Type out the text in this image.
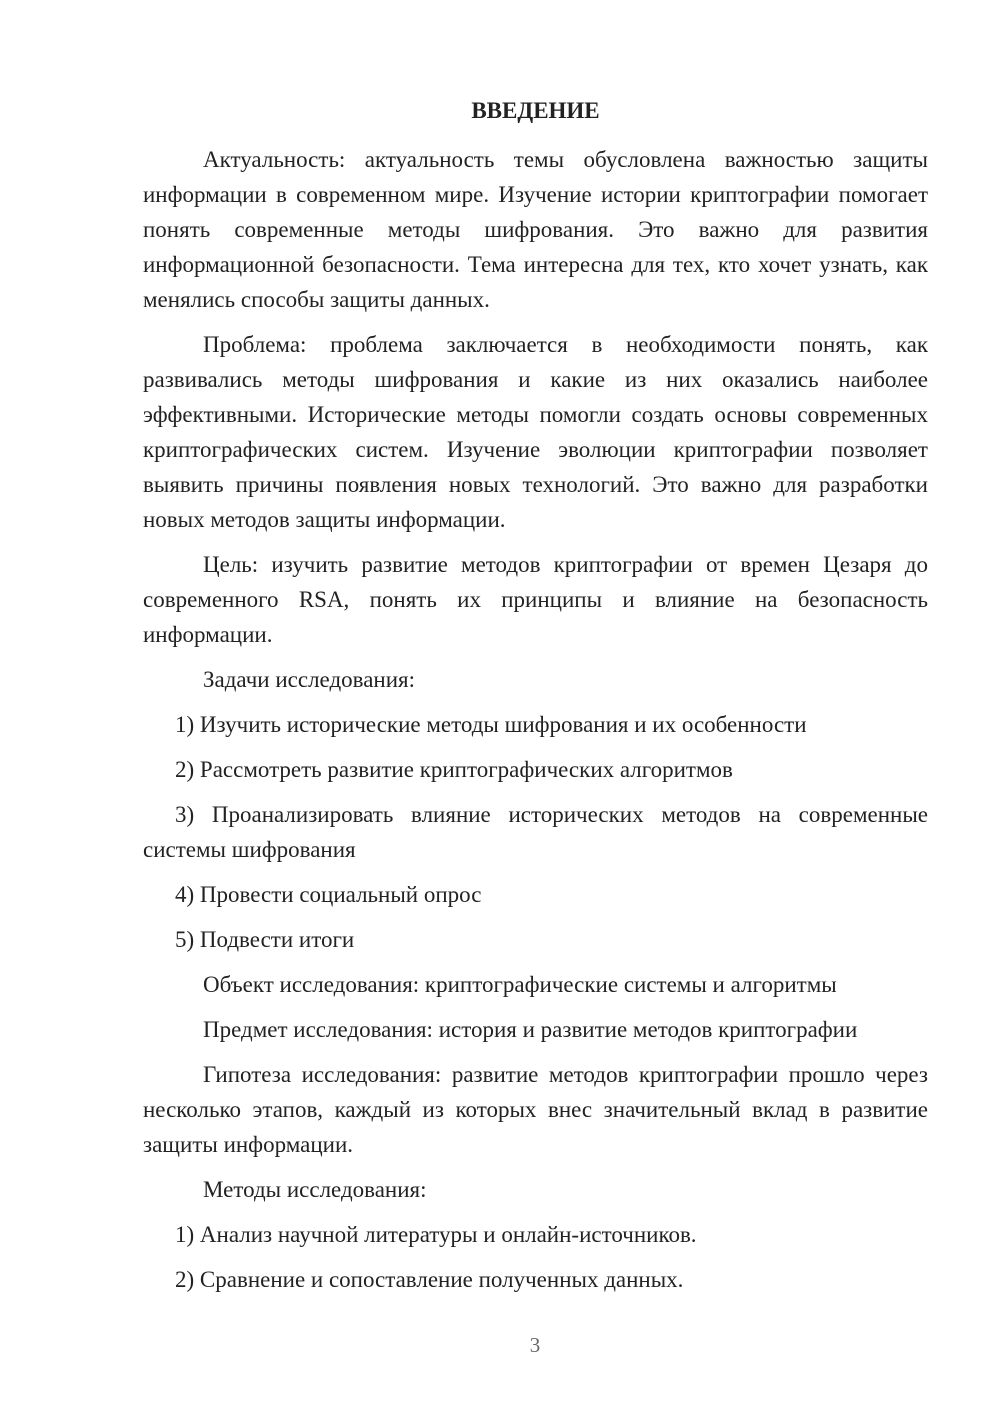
ВВЕДЕНИЕ

Актуальность: актуальность темы обусловлена важностью защиты информации в современном мире. Изучение истории криптографии помогает понять современные методы шифрования. Это важно для развития информационной безопасности. Тема интересна для тех, кто хочет узнать, как менялись способы защиты данных.

Проблема: проблема заключается в необходимости понять, как развивались методы шифрования и какие из них оказались наиболее эффективными. Исторические методы помогли создать основы современных криптографических систем. Изучение эволюции криптографии позволяет выявить причины появления новых технологий. Это важно для разработки новых методов защиты информации.

Цель: изучить развитие методов криптографии от времен Цезаря до современного RSA, понять их принципы и влияние на безопасность информации.

Задачи исследования:

1) Изучить исторические методы шифрования и их особенности

2) Рассмотреть развитие криптографических алгоритмов

3) Проанализировать влияние исторических методов на современные системы шифрования

4) Провести социальный опрос

5) Подвести итоги

Объект исследования: криптографические системы и алгоритмы

Предмет исследования: история и развитие методов криптографии

Гипотеза исследования: развитие методов криптографии прошло через несколько этапов, каждый из которых внес значительный вклад в развитие защиты информации.

Методы исследования:

1) Анализ научной литературы и онлайн-источников.

2) Сравнение и сопоставление полученных данных.

3
